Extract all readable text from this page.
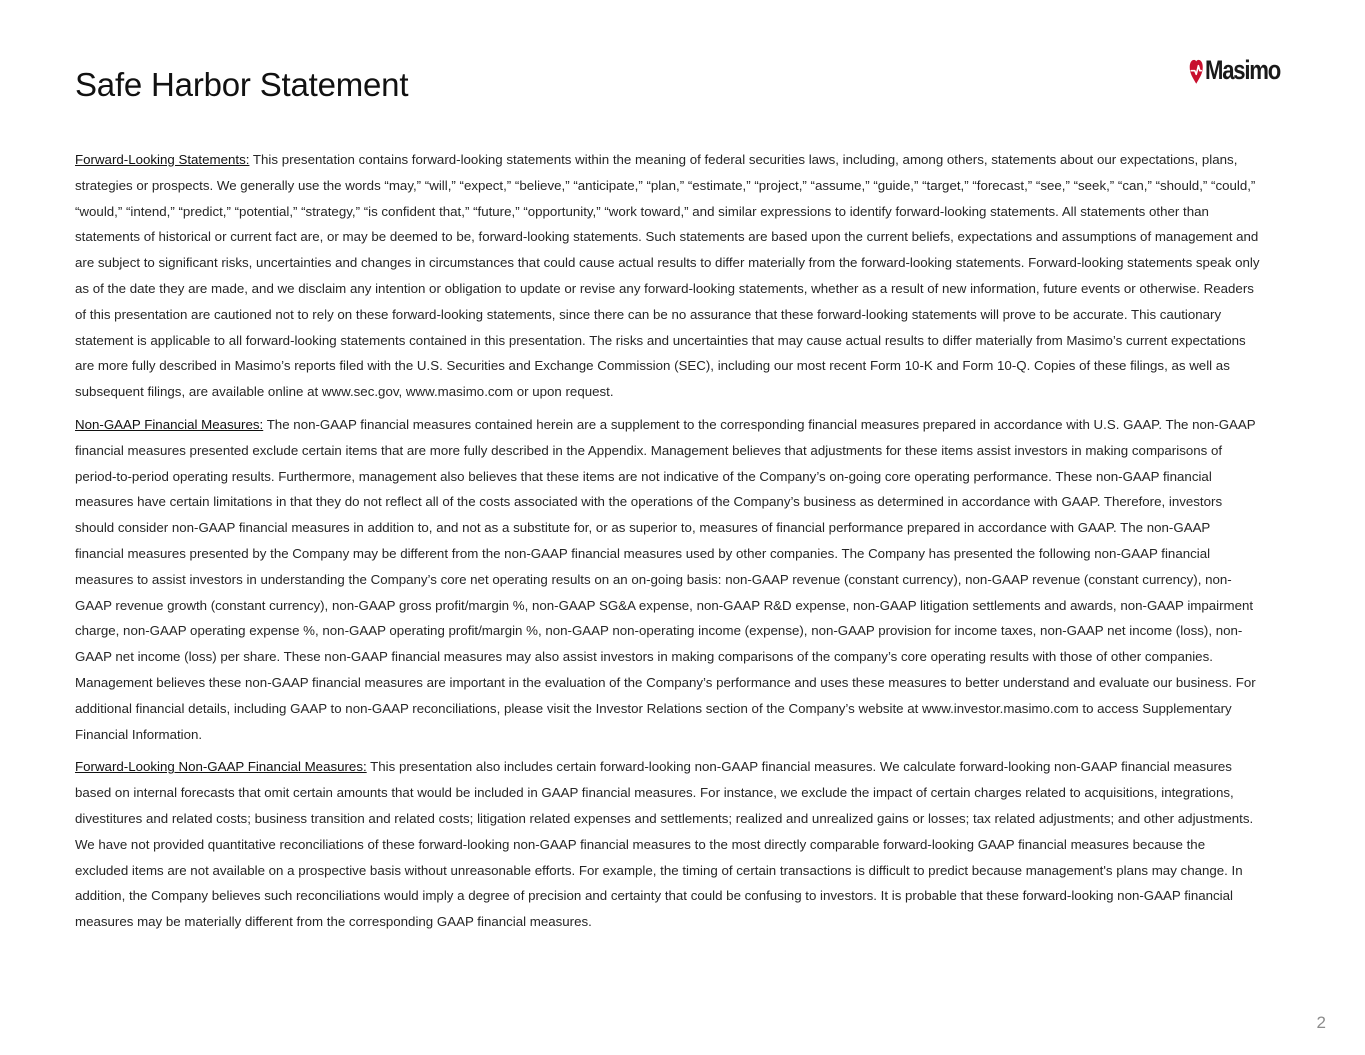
Safe Harbor Statement	Masimo

Forward-Looking Statements: This presentation contains forward-looking statements within the meaning of federal securities laws, including, among others, statements about our expectations, plans, strategies or prospects. We generally use the words “may,” “will,” “expect,” “believe,” “anticipate,” “plan,” “estimate,” “project,” “assume,” “guide,” “target,” “forecast,” “see,” “seek,” “can,” “should,” “could,” “would,” “intend,” “predict,” “potential,” “strategy,” “is confident that,” “future,” “opportunity,” “work toward,” and similar expressions to identify forward-looking statements. All statements other than statements of historical or current fact are, or may be deemed to be, forward-looking statements. Such statements are based upon the current beliefs, expectations and assumptions of management and are subject to significant risks, uncertainties and changes in circumstances that could cause actual results to differ materially from the forward-looking statements. Forward-looking statements speak only as of the date they are made, and we disclaim any intention or obligation to update or revise any forward-looking statements, whether as a result of new information, future events or otherwise. Readers of this presentation are cautioned not to rely on these forward-looking statements, since there can be no assurance that these forward-looking statements will prove to be accurate. This cautionary statement is applicable to all forward-looking statements contained in this presentation. The risks and uncertainties that may cause actual results to differ materially from Masimo’s current expectations are more fully described in Masimo’s reports filed with the U.S. Securities and Exchange Commission (SEC), including our most recent Form 10-K and Form 10-Q. Copies of these filings, as well as subsequent filings, are available online at www.sec.gov, www.masimo.com or upon request.

Non-GAAP Financial Measures: The non-GAAP financial measures contained herein are a supplement to the corresponding financial measures prepared in accordance with U.S. GAAP. The non-GAAP financial measures presented exclude certain items that are more fully described in the Appendix. Management believes that adjustments for these items assist investors in making comparisons of period-to-period operating results. Furthermore, management also believes that these items are not indicative of the Company’s on-going core operating performance. These non-GAAP financial measures have certain limitations in that they do not reflect all of the costs associated with the operations of the Company’s business as determined in accordance with GAAP. Therefore, investors should consider non-GAAP financial measures in addition to, and not as a substitute for, or as superior to, measures of financial performance prepared in accordance with GAAP. The non-GAAP financial measures presented by the Company may be different from the non-GAAP financial measures used by other companies. The Company has presented the following non-GAAP financial measures to assist investors in understanding the Company’s core net operating results on an on-going basis: non-GAAP revenue (constant currency), non-GAAP revenue (constant currency), non-GAAP revenue growth (constant currency), non-GAAP gross profit/margin %, non-GAAP SG&A expense, non-GAAP R&D expense, non-GAAP litigation settlements and awards, non-GAAP impairment charge, non-GAAP operating expense %, non-GAAP operating profit/margin %, non-GAAP non-operating income (expense), non-GAAP provision for income taxes, non-GAAP net income (loss), non-GAAP net income (loss) per share. These non-GAAP financial measures may also assist investors in making comparisons of the company’s core operating results with those of other companies. Management believes these non-GAAP financial measures are important in the evaluation of the Company’s performance and uses these measures to better understand and evaluate our business. For additional financial details, including GAAP to non-GAAP reconciliations, please visit the Investor Relations section of the Company’s website at www.investor.masimo.com to access Supplementary Financial Information.

Forward-Looking Non-GAAP Financial Measures: This presentation also includes certain forward-looking non-GAAP financial measures. We calculate forward-looking non-GAAP financial measures based on internal forecasts that omit certain amounts that would be included in GAAP financial measures. For instance, we exclude the impact of certain charges related to acquisitions, integrations, divestitures and related costs; business transition and related costs; litigation related expenses and settlements; realized and unrealized gains or losses; tax related adjustments; and other adjustments. We have not provided quantitative reconciliations of these forward-looking non-GAAP financial measures to the most directly comparable forward-looking GAAP financial measures because the excluded items are not available on a prospective basis without unreasonable efforts. For example, the timing of certain transactions is difficult to predict because management's plans may change. In addition, the Company believes such reconciliations would imply a degree of precision and certainty that could be confusing to investors. It is probable that these forward-looking non-GAAP financial measures may be materially different from the corresponding GAAP financial measures.

2
